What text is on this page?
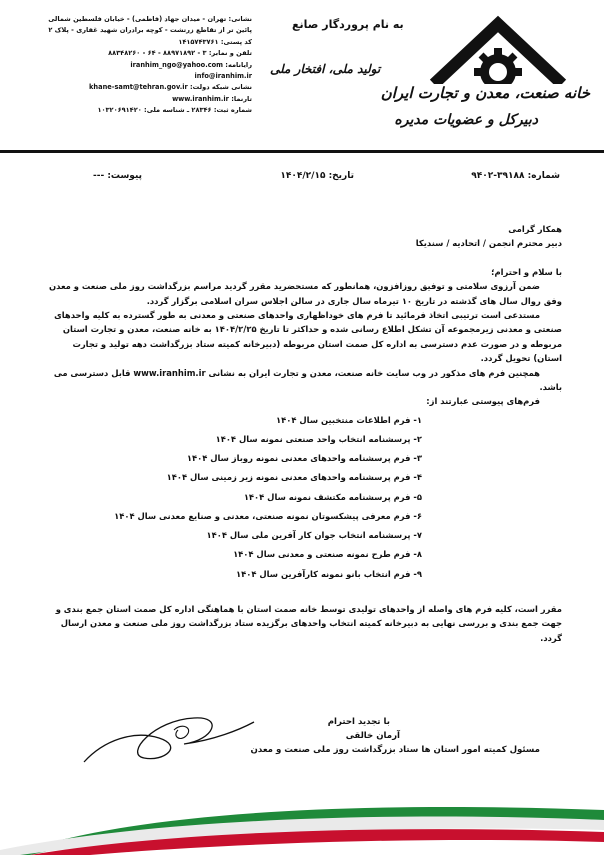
خانه صنعت، معدن و تجارت ایران
دبیرکل و عضویات مدیره
به نام پروردگار صانع
تولید ملی، افتخار ملی
نشانی: تهران - میدان جهاد (فاطمی) - خیابان فلسطین شمالی
پائین تر از تقاطع زرتشت - کوچه برادران شهید غفاری - پلاک ۲
کد پستی: ۱۴۱۵۷۴۳۷۶۱
تلفن و نمابر: ۳ - ۸۸۹۷۱۸۹۲ - ۶۴ - ۸۸۳۴۸۲۶۰
رایانامه: iranhim_ngo@yahoo.com
info@iranhim.ir
نشانی شبکه دولت: khane-samt@tehran.gov.ir
تارنما: www.iranhim.ir
شماره ثبت: ۲۸۳۴۶ ـ شناسه ملی: ۱۰۳۲۰۶۹۱۴۲۰
شماره: ۳۹۱۸۸-۹۴۰۲
تاریخ: ۱۴۰۴/۲/۱۵
پیوست: ---

همکار گرامی

دبیر محترم انجمن / اتحادیه / سندیکا

با سلام و احترام؛

ضمن آرزوی سلامتی و توفیق روزافزون، همانطور که مستحضرید مقرر گردید مراسم بزرگداشت روز ملی صنعت و معدن وفق روال سال های گذشته در تاریخ ۱۰ تیرماه سال جاری در سالن اجلاس سران اسلامی برگزار گردد.

مستدعی است ترتیبی اتخاذ فرمائید تا فرم های خوداظهاری واحدهای صنعتی و معدنی به طور گسترده به کلیه واحدهای صنعتی و معدنی زیرمجموعه آن تشکل اطلاع رسانی شده و حداکثر تا تاریخ ۱۴۰۴/۲/۲۵ به خانه صنعت، معدن و تجارت استان مربوطه و در صورت عدم دسترسی به اداره کل صمت استان مربوطه (دبیرخانه کمیته ستاد بزرگداشت دهه تولید و تجارت استان) تحویل گردد.

همچنین فرم های مذکور در وب سایت خانه صنعت، معدن و تجارت ایران به نشانی www.iranhim.ir قابل دسترسی می باشد.

فرم‌های پیوستی عبارتند از:

۱- فرم اطلاعات منتخبین سال ۱۴۰۴
۲- پرسشنامه انتخاب واحد صنعتی نمونه سال ۱۴۰۴
۳- فرم پرسشنامه واحدهای معدنی نمونه روباز سال ۱۴۰۴
۴- فرم پرسشنامه واحدهای معدنی نمونه زیر زمینی سال ۱۴۰۴
۵- فرم پرسشنامه مکتشف نمونه سال ۱۴۰۴
۶- فرم معرفی پیشکسوتان نمونه صنعتی، معدنی و صنایع معدنی سال ۱۴۰۴
۷- پرسشنامه انتخاب جوان کار آفرین ملی سال ۱۴۰۴
۸- فرم طرح نمونه صنعتی و معدنی سال ۱۴۰۴
۹- فرم انتخاب بانو نمونه کارآفرین سال ۱۴۰۴

مقرر است، کلیه فرم های واصله از واحدهای تولیدی توسط خانه صمت استان با هماهنگی اداره کل صمت استان جمع بندی و جهت جمع بندی و بررسی نهایی به دبیرخانه کمیته انتخاب واحدهای برگزیده ستاد بزرگداشت روز ملی صنعت و معدن ارسال گردد.

با تجدید احترام
آرمان خالقی
مسئول کمیته امور استان ها ستاد بزرگداشت روز ملی صنعت و معدن
